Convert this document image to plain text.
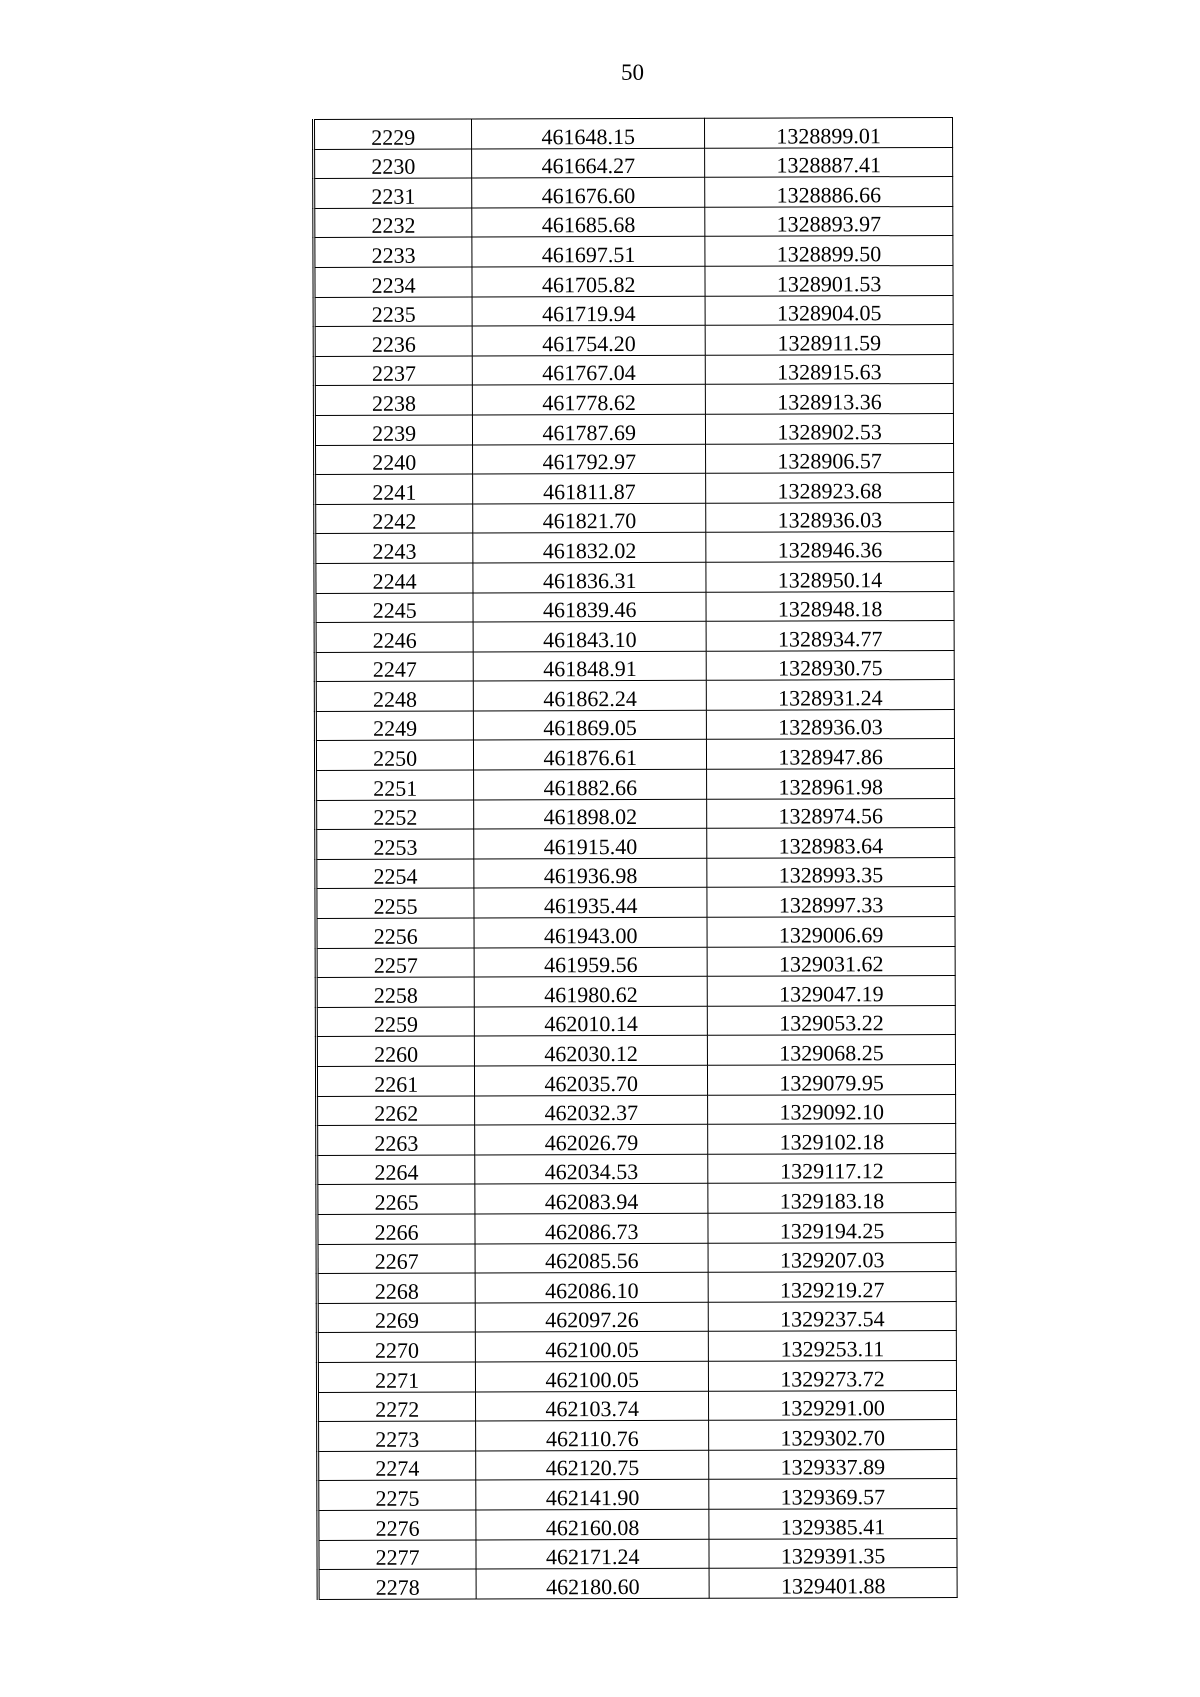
50
2229	461648.15	1328899.01
2230	461664.27	1328887.41
2231	461676.60	1328886.66
2232	461685.68	1328893.97
2233	461697.51	1328899.50
2234	461705.82	1328901.53
2235	461719.94	1328904.05
2236	461754.20	1328911.59
2237	461767.04	1328915.63
2238	461778.62	1328913.36
2239	461787.69	1328902.53
2240	461792.97	1328906.57
2241	461811.87	1328923.68
2242	461821.70	1328936.03
2243	461832.02	1328946.36
2244	461836.31	1328950.14
2245	461839.46	1328948.18
2246	461843.10	1328934.77
2247	461848.91	1328930.75
2248	461862.24	1328931.24
2249	461869.05	1328936.03
2250	461876.61	1328947.86
2251	461882.66	1328961.98
2252	461898.02	1328974.56
2253	461915.40	1328983.64
2254	461936.98	1328993.35
2255	461935.44	1328997.33
2256	461943.00	1329006.69
2257	461959.56	1329031.62
2258	461980.62	1329047.19
2259	462010.14	1329053.22
2260	462030.12	1329068.25
2261	462035.70	1329079.95
2262	462032.37	1329092.10
2263	462026.79	1329102.18
2264	462034.53	1329117.12
2265	462083.94	1329183.18
2266	462086.73	1329194.25
2267	462085.56	1329207.03
2268	462086.10	1329219.27
2269	462097.26	1329237.54
2270	462100.05	1329253.11
2271	462100.05	1329273.72
2272	462103.74	1329291.00
2273	462110.76	1329302.70
2274	462120.75	1329337.89
2275	462141.90	1329369.57
2276	462160.08	1329385.41
2277	462171.24	1329391.35
2278	462180.60	1329401.88
